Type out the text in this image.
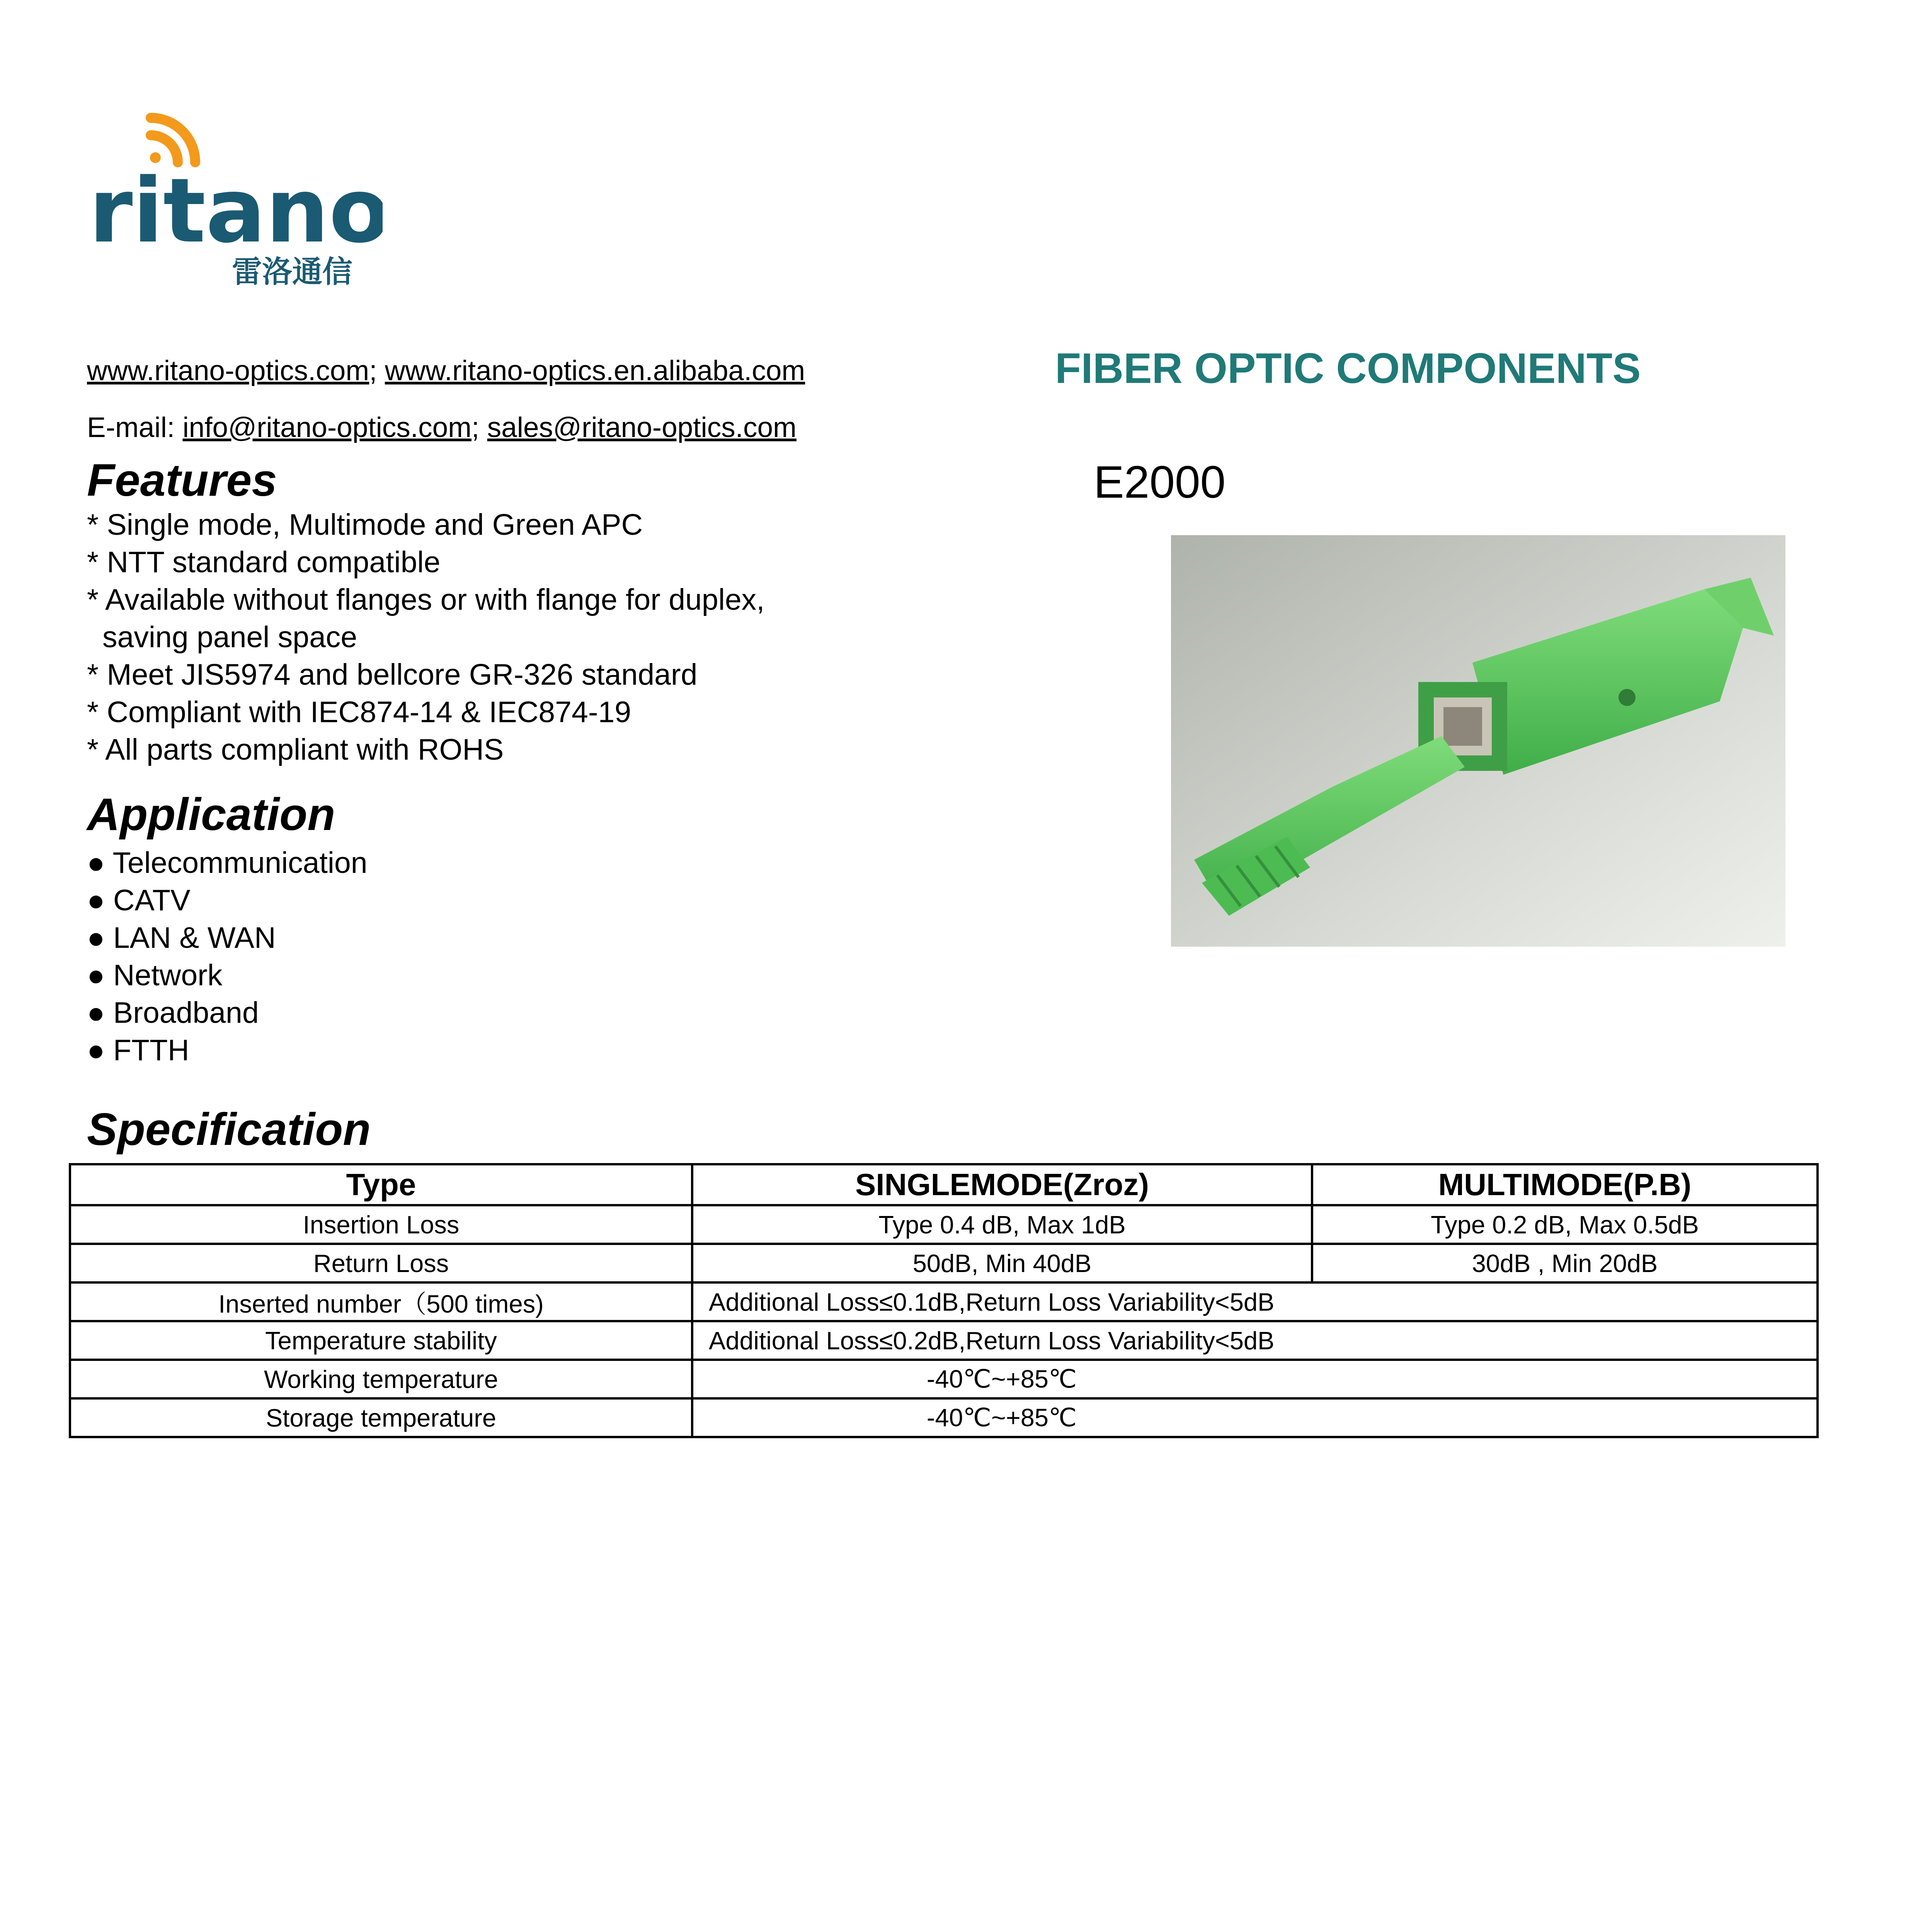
ritano
雷洛通信
www.ritano-optics.com; www.ritano-optics.en.alibaba.com
E-mail: info@ritano-optics.com; sales@ritano-optics.com
FIBER OPTIC COMPONENTS
E2000
Features
* Single mode, Multimode and Green APC
* NTT standard compatible
* Available without flanges or with flange for duplex,
saving panel space
* Meet JIS5974 and bellcore GR-326 standard
* Compliant with IEC874-14 & IEC874-19
* All parts compliant with ROHS
Application
● Telecommunication
● CATV
● LAN & WAN
● Network
● Broadband
● FTTH
Specification
Type	SINGLEMODE(Zroz)	MULTIMODE(P.B)
Insertion Loss	Type 0.4 dB, Max 1dB	Type 0.2 dB, Max 0.5dB
Return Loss	50dB, Min 40dB	30dB , Min 20dB
Inserted number（500 times)	Additional Loss≤0.1dB,Return Loss Variability<5dB	
Temperature stability	Additional Loss≤0.2dB,Return Loss Variability<5dB	
Working temperature	-40℃~+85℃	
Storage temperature	-40℃~+85℃	
